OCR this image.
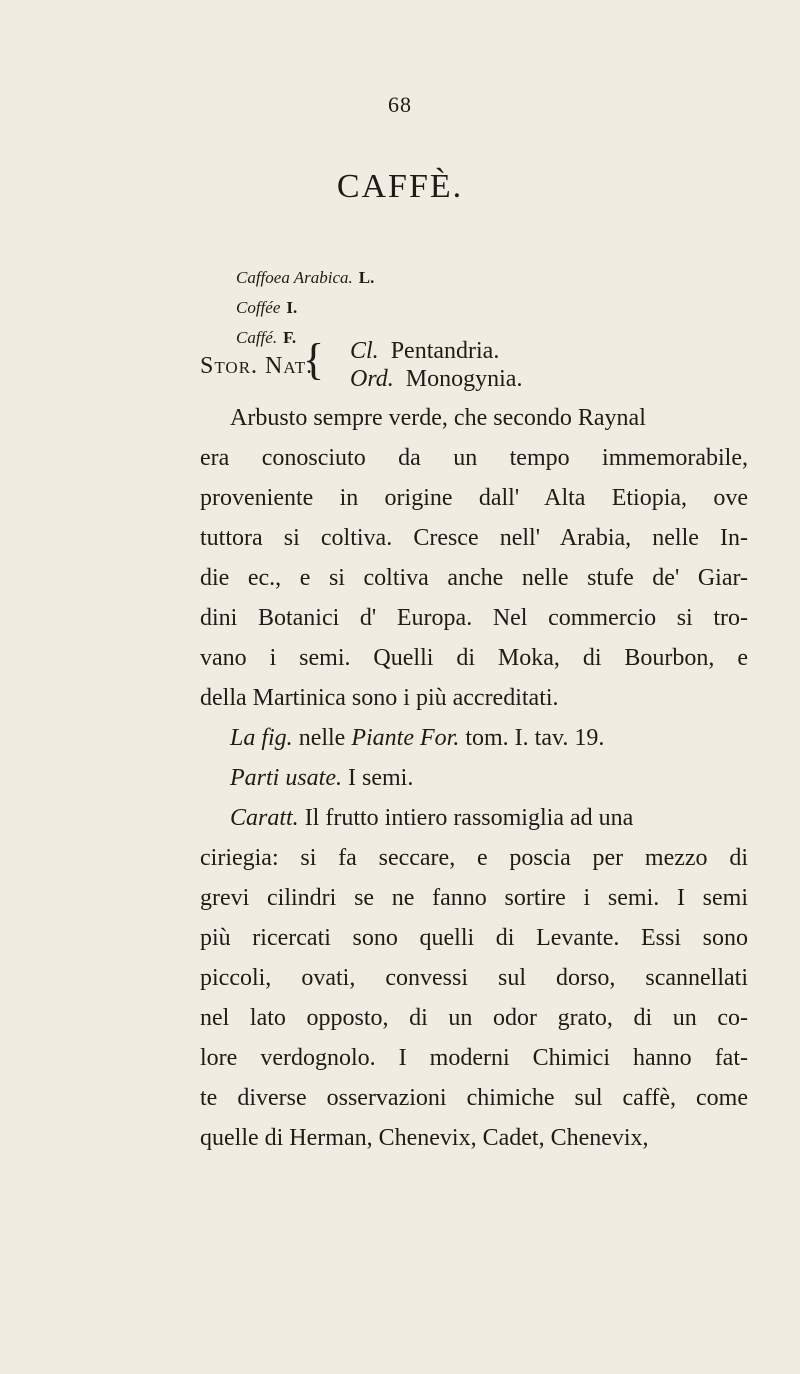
68
CAFFÈ.
Caffoea Arabica. L.
Coffée I.
Caffé. F.
Stor. Nat.
{ Cl. Pentandria.
Ord. Monogynia.
Arbusto sempre verde, che secondo Raynal
era conosciuto da un tempo immemorabile,
proveniente in origine dall' Alta Etiopia, ove
tuttora si coltiva. Cresce nell' Arabia, nelle In-
die ec., e si coltiva anche nelle stufe de' Giar-
dini Botanici d' Europa. Nel commercio si tro-
vano i semi. Quelli di Moka, di Bourbon, e
della Martinica sono i più accreditati.
La fig. nelle Piante For. tom. I. tav. 19.
Parti usate. I semi.
Caratt. Il frutto intiero rassomiglia ad una
ciriegia: si fa seccare, e poscia per mezzo di
grevi cilindri se ne fanno sortire i semi. I semi
più ricercati sono quelli di Levante. Essi sono
piccoli, ovati, convessi sul dorso, scannellati
nel lato opposto, di un odor grato, di un co-
lore verdognolo. I moderni Chimici hanno fat-
te diverse osservazioni chimiche sul caffè, come
quelle di Herman, Chenevix, Cadet, Chenevix,
